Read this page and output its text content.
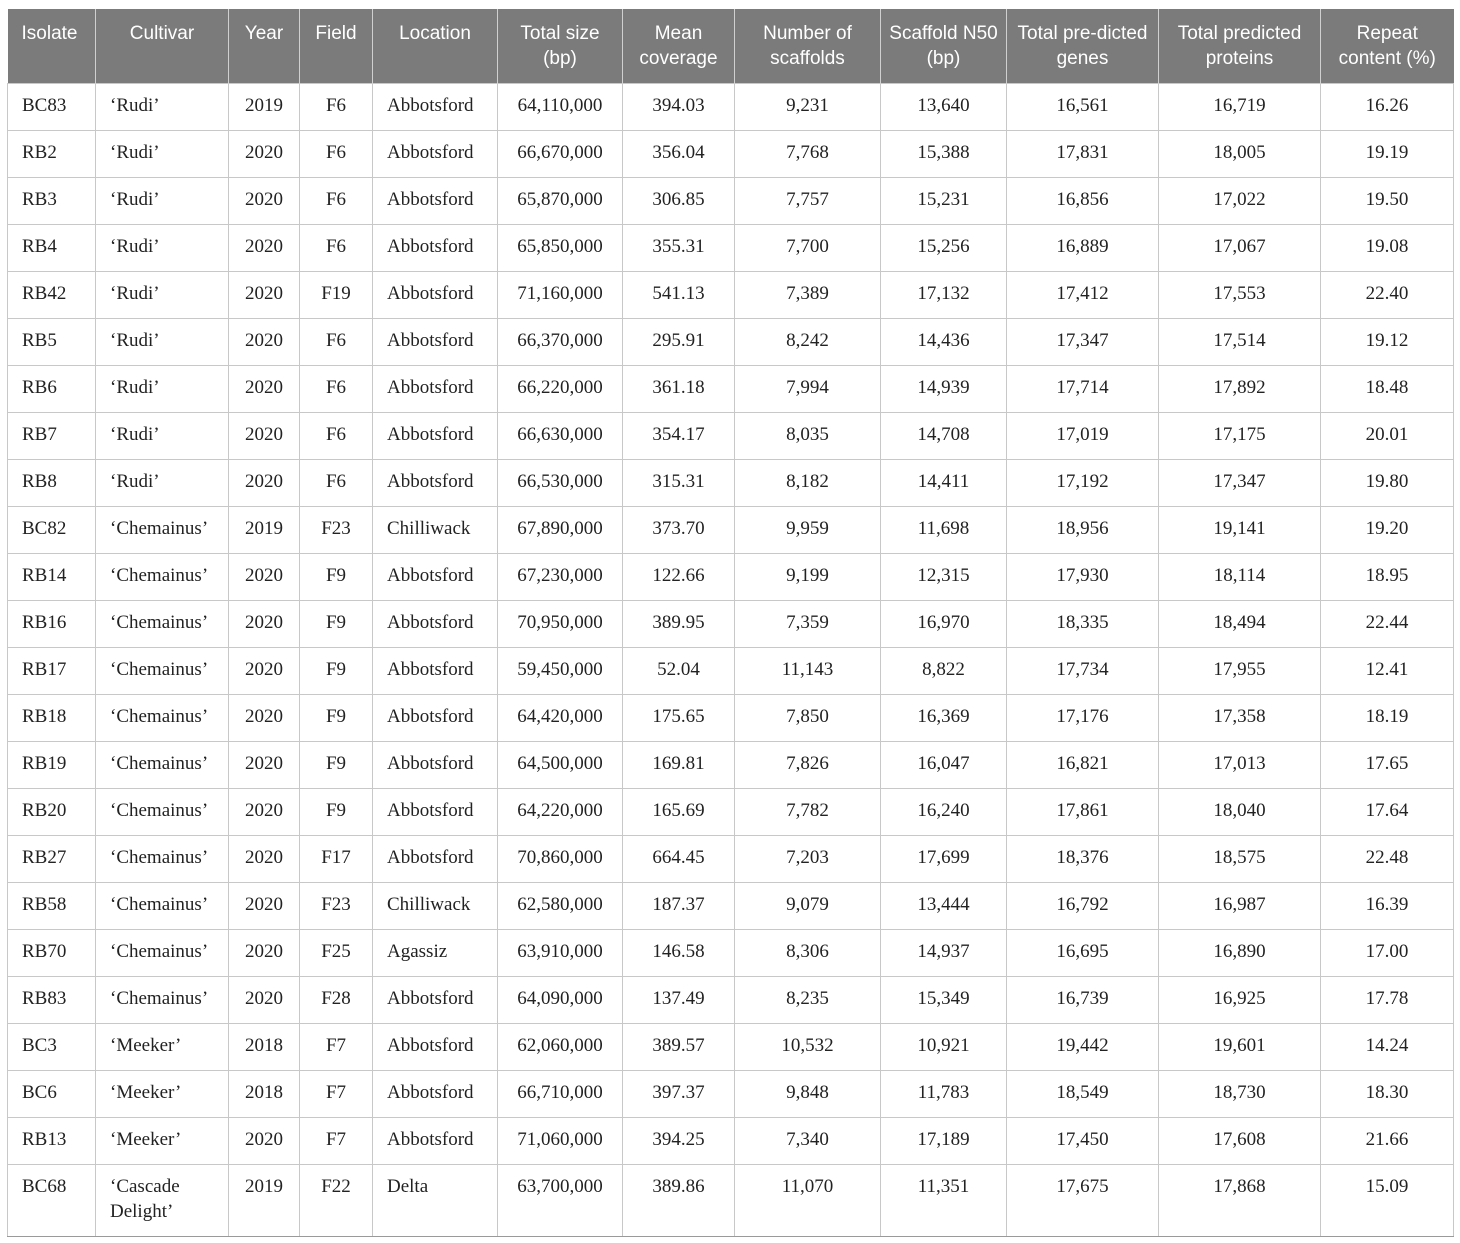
Isolate	Cultivar	Year	Field	Location	Total size (bp)	Mean coverage	Number of scaffolds	Scaffold N50 (bp)	Total pre-dicted genes	Total predicted proteins	Repeat content (%)
BC83	‘Rudi’	2019	F6	Abbotsford	64,110,000	394.03	9,231	13,640	16,561	16,719	16.26
RB2	‘Rudi’	2020	F6	Abbotsford	66,670,000	356.04	7,768	15,388	17,831	18,005	19.19
RB3	‘Rudi’	2020	F6	Abbotsford	65,870,000	306.85	7,757	15,231	16,856	17,022	19.50
RB4	‘Rudi’	2020	F6	Abbotsford	65,850,000	355.31	7,700	15,256	16,889	17,067	19.08
RB42	‘Rudi’	2020	F19	Abbotsford	71,160,000	541.13	7,389	17,132	17,412	17,553	22.40
RB5	‘Rudi’	2020	F6	Abbotsford	66,370,000	295.91	8,242	14,436	17,347	17,514	19.12
RB6	‘Rudi’	2020	F6	Abbotsford	66,220,000	361.18	7,994	14,939	17,714	17,892	18.48
RB7	‘Rudi’	2020	F6	Abbotsford	66,630,000	354.17	8,035	14,708	17,019	17,175	20.01
RB8	‘Rudi’	2020	F6	Abbotsford	66,530,000	315.31	8,182	14,411	17,192	17,347	19.80
BC82	‘Chemainus’	2019	F23	Chilliwack	67,890,000	373.70	9,959	11,698	18,956	19,141	19.20
RB14	‘Chemainus’	2020	F9	Abbotsford	67,230,000	122.66	9,199	12,315	17,930	18,114	18.95
RB16	‘Chemainus’	2020	F9	Abbotsford	70,950,000	389.95	7,359	16,970	18,335	18,494	22.44
RB17	‘Chemainus’	2020	F9	Abbotsford	59,450,000	52.04	11,143	8,822	17,734	17,955	12.41
RB18	‘Chemainus’	2020	F9	Abbotsford	64,420,000	175.65	7,850	16,369	17,176	17,358	18.19
RB19	‘Chemainus’	2020	F9	Abbotsford	64,500,000	169.81	7,826	16,047	16,821	17,013	17.65
RB20	‘Chemainus’	2020	F9	Abbotsford	64,220,000	165.69	7,782	16,240	17,861	18,040	17.64
RB27	‘Chemainus’	2020	F17	Abbotsford	70,860,000	664.45	7,203	17,699	18,376	18,575	22.48
RB58	‘Chemainus’	2020	F23	Chilliwack	62,580,000	187.37	9,079	13,444	16,792	16,987	16.39
RB70	‘Chemainus’	2020	F25	Agassiz	63,910,000	146.58	8,306	14,937	16,695	16,890	17.00
RB83	‘Chemainus’	2020	F28	Abbotsford	64,090,000	137.49	8,235	15,349	16,739	16,925	17.78
BC3	‘Meeker’	2018	F7	Abbotsford	62,060,000	389.57	10,532	10,921	19,442	19,601	14.24
BC6	‘Meeker’	2018	F7	Abbotsford	66,710,000	397.37	9,848	11,783	18,549	18,730	18.30
RB13	‘Meeker’	2020	F7	Abbotsford	71,060,000	394.25	7,340	17,189	17,450	17,608	21.66
BC68	‘Cascade Delight’	2019	F22	Delta	63,700,000	389.86	11,070	11,351	17,675	17,868	15.09
